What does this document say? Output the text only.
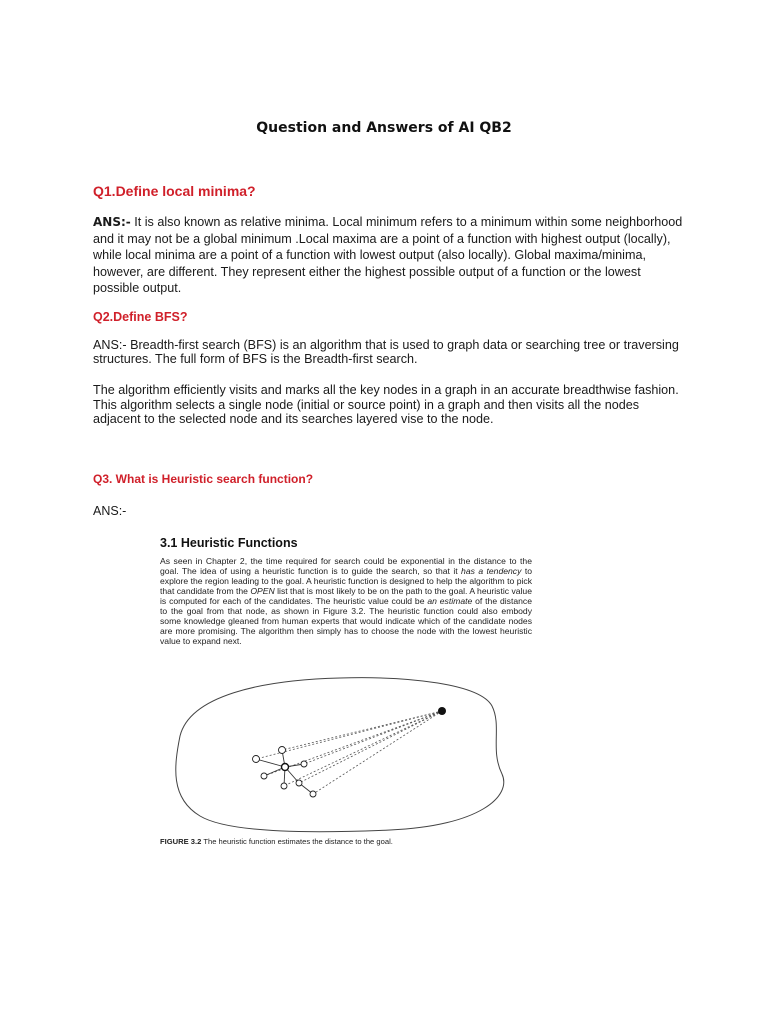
Question and Answers of AI QB2

Q1.Define local minima?

ANS:- It is also known as relative minima. Local minimum refers to a minimum within some neighborhood and it may not be a global minimum .Local maxima are a point of a function with highest output (locally), while local minima are a point of a function with lowest output (also locally). Global maxima/minima, however, are different. They represent either the highest possible output of a function or the lowest possible output.

Q2.Define BFS?

ANS:- Breadth-first search (BFS) is an algorithm that is used to graph data or searching tree or traversing structures. The full form of BFS is the Breadth-first search.

The algorithm efficiently visits and marks all the key nodes in a graph in an accurate breadthwise fashion. This algorithm selects a single node (initial or source point) in a graph and then visits all the nodes adjacent to the selected node and its searches layered vise to the node.

Q3. What is Heuristic search function?

ANS:-

3.1 Heuristic Functions

As seen in Chapter 2, the time required for search could be exponential in the distance to the goal. The idea of using a heuristic function is to guide the search, so that it has a tendency to explore the region leading to the goal. A heuristic function is designed to help the algorithm to pick that candidate from the OPEN list that is most likely to be on the path to the goal. A heuristic value is computed for each of the candidates. The heuristic value could be an estimate of the distance to the goal from that node, as shown in Figure 3.2. The heuristic function could also embody some knowledge gleaned from human experts that would indicate which of the candidate nodes are more promising. The algorithm then simply has to choose the node with the lowest heuristic value to expand next.

FIGURE 3.2 The heuristic function estimates the distance to the goal.
